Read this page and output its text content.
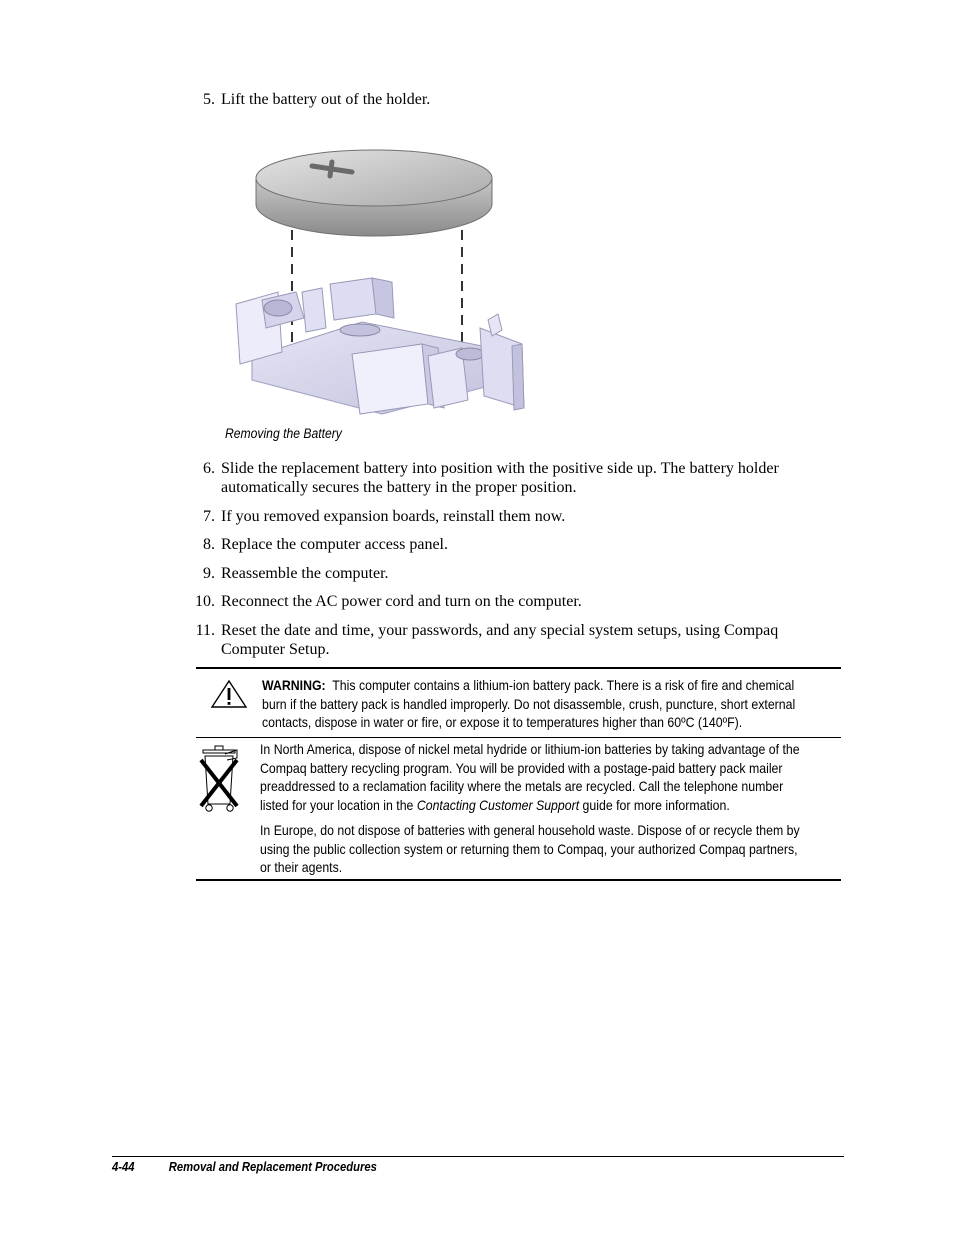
5. Lift the battery out of the holder.
Removing the Battery
6. Slide the replacement battery into position with the positive side up. The battery holder
automatically secures the battery in the proper position.
7. If you removed expansion boards, reinstall them now.
8. Replace the computer access panel.
9. Reassemble the computer.
10. Reconnect the AC power cord and turn on the computer.
11. Reset the date and time, your passwords, and any special system setups, using Compaq
Computer Setup.
WARNING: This computer contains a lithium-ion battery pack. There is a risk of fire and chemical
burn if the battery pack is handled improperly. Do not disassemble, crush, puncture, short external
contacts, dispose in water or fire, or expose it to temperatures higher than 60ºC (140ºF).
In North America, dispose of nickel metal hydride or lithium-ion batteries by taking advantage of the
Compaq battery recycling program. You will be provided with a postage-paid battery pack mailer
preaddressed to a reclamation facility where the metals are recycled. Call the telephone number
listed for your location in the Contacting Customer Support guide for more information.
In Europe, do not dispose of batteries with general household waste. Dispose of or recycle them by
using the public collection system or returning them to Compaq, your authorized Compaq partners,
or their agents.
4-44	Removal and Replacement Procedures
